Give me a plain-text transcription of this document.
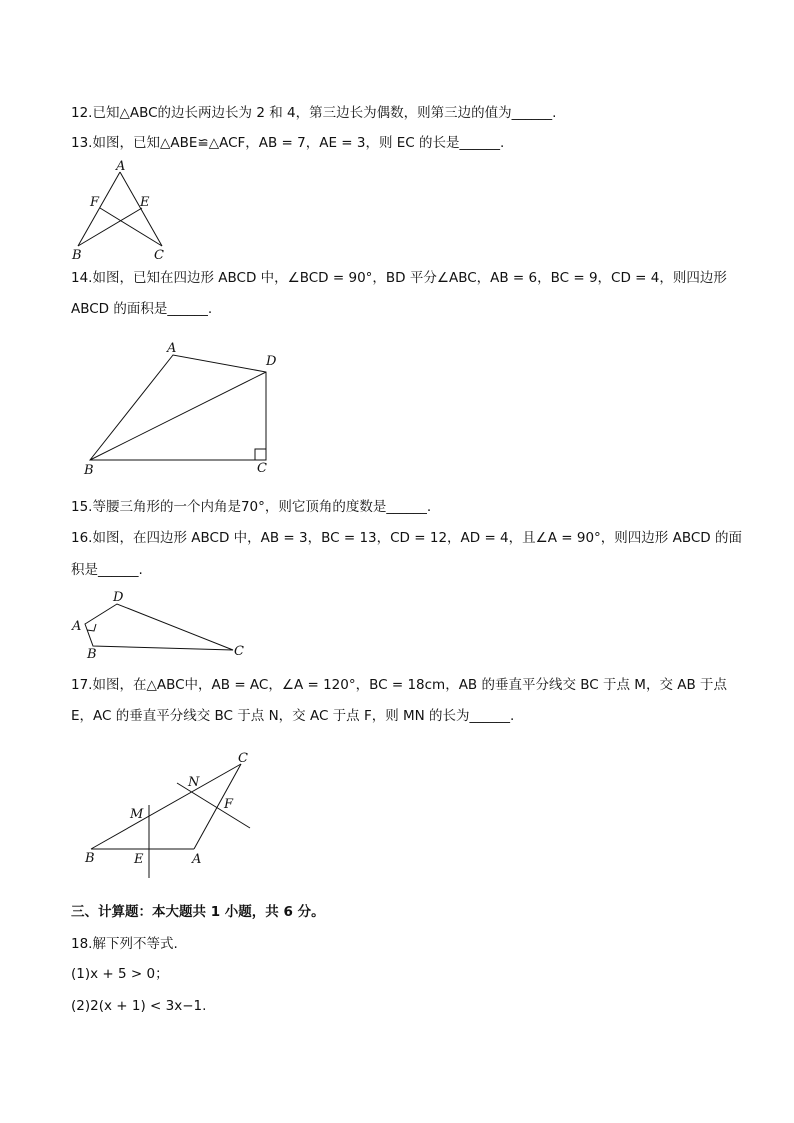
12.已知△ABC的边长两边长为 2 和 4，第三边长为偶数，则第三边的值为______.
13.如图，已知△ABE≌△ACF，AB = 7，AE = 3，则 EC 的长是______.
A
F	E
B	C
14.如图，已知在四边形 ABCD 中，∠BCD = 90°，BD 平分∠ABC，AB = 6，BC = 9，CD = 4，则四边形
ABCD 的面积是______.
A
D
B	C
15.等腰三角形的一个内角是70°，则它顶角的度数是______.
16.如图，在四边形 ABCD 中，AB = 3，BC = 13，CD = 12，AD = 4，且∠A = 90°，则四边形 ABCD 的面
积是______.
D
A
B	C
17.如图，在△ABC中，AB = AC，∠A = 120°，BC = 18cm，AB 的垂直平分线交 BC 于点 M，交 AB 于点
E，AC 的垂直平分线交 BC 于点 N，交 AC 于点 F，则 MN 的长为______.
C
N
F
M
B	E	A
三、计算题：本大题共 1 小题，共 6 分。
18.解下列不等式.
(1)x + 5 > 0；
(2)2(x + 1) < 3x−1.
